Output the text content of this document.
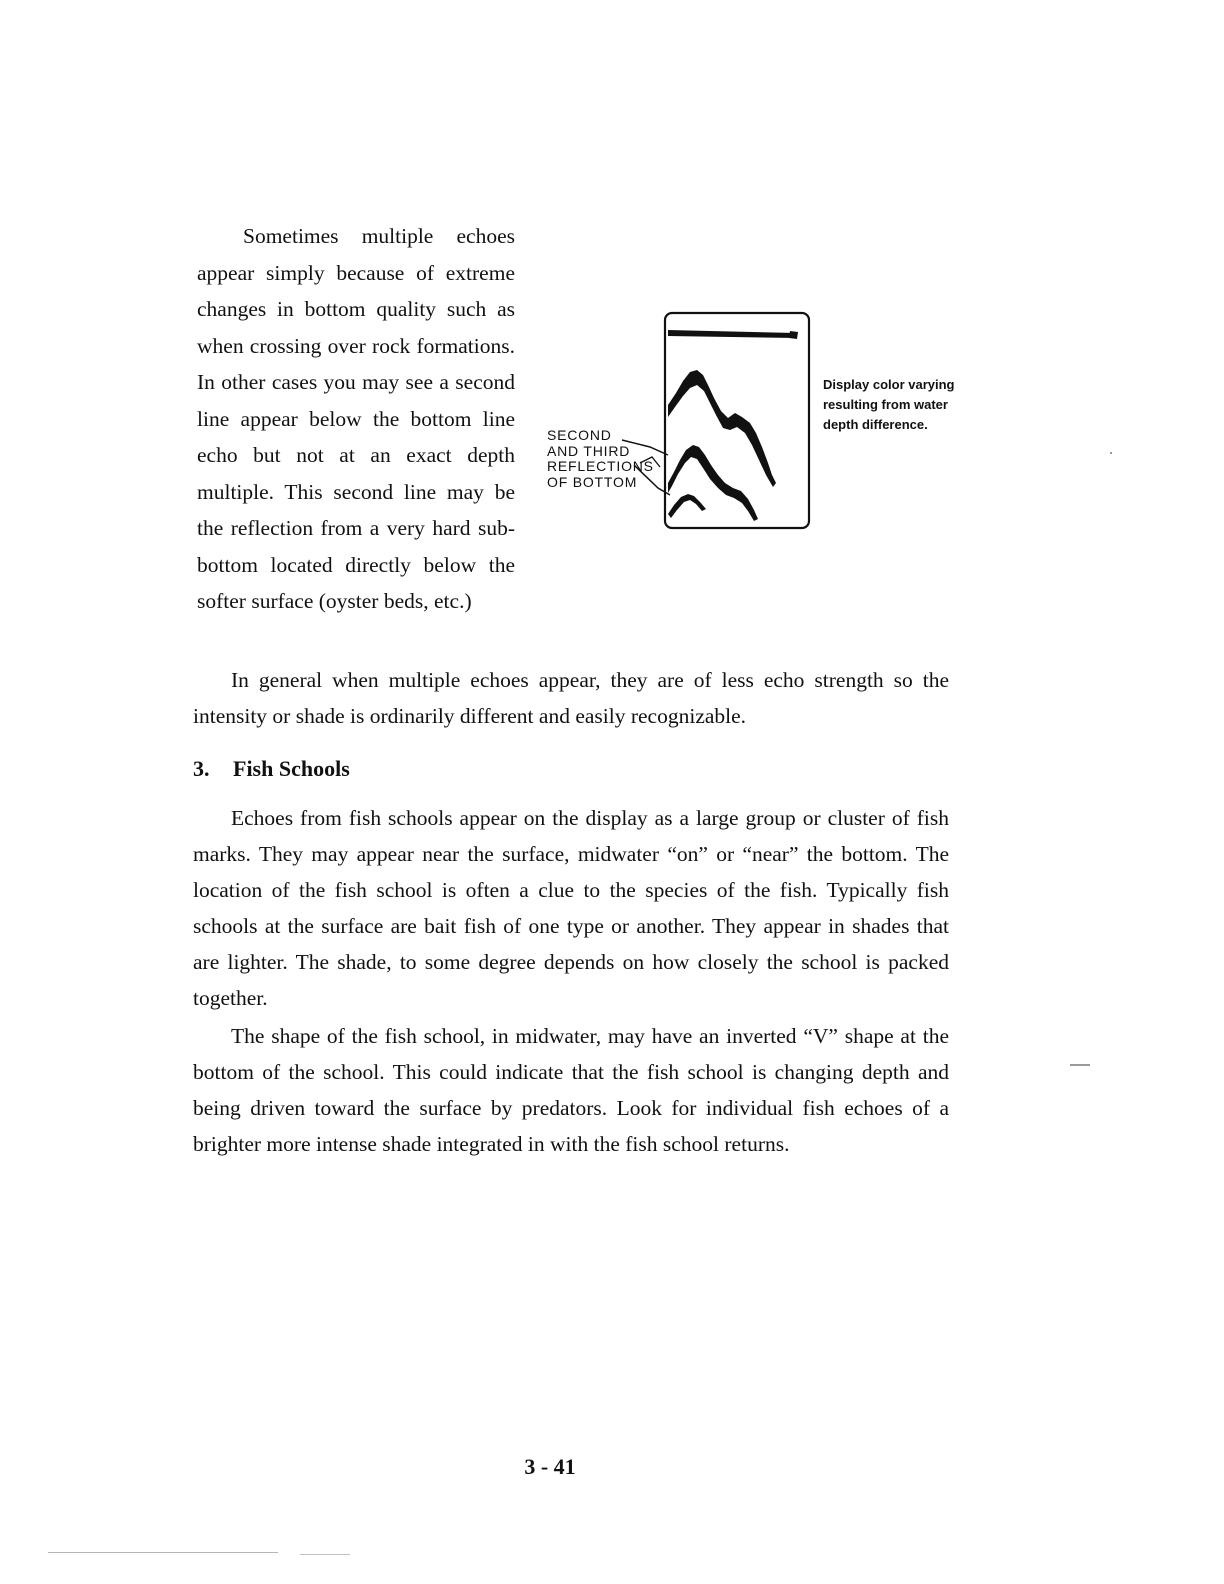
Sometimes multiple echoes appear simply because of extreme changes in bottom quality such as when crossing over rock formations. In other cases you may see a second line appear below the bottom line echo but not at an exact depth multiple. This second line may be the reflection from a very hard sub-bottom located directly below the softer surface (oyster beds, etc.)
SECOND
AND THIRD
REFLECTIONS
OF BOTTOM
Display color varying resulting from water depth difference.
In general when multiple echoes appear, they are of less echo strength so the intensity or shade is ordinarily different and easily recognizable.
3. Fish Schools
Echoes from fish schools appear on the display as a large group or cluster of fish marks. They may appear near the surface, midwater “on” or “near” the bottom. The location of the fish school is often a clue to the species of the fish. Typically fish schools at the surface are bait fish of one type or another. They appear in shades that are lighter. The shade, to some degree depends on how closely the school is packed together.
The shape of the fish school, in midwater, may have an inverted “V” shape at the bottom of the school. This could indicate that the fish school is changing depth and being driven toward the surface by predators. Look for individual fish echoes of a brighter more intense shade integrated in with the fish school returns.
3 - 41
